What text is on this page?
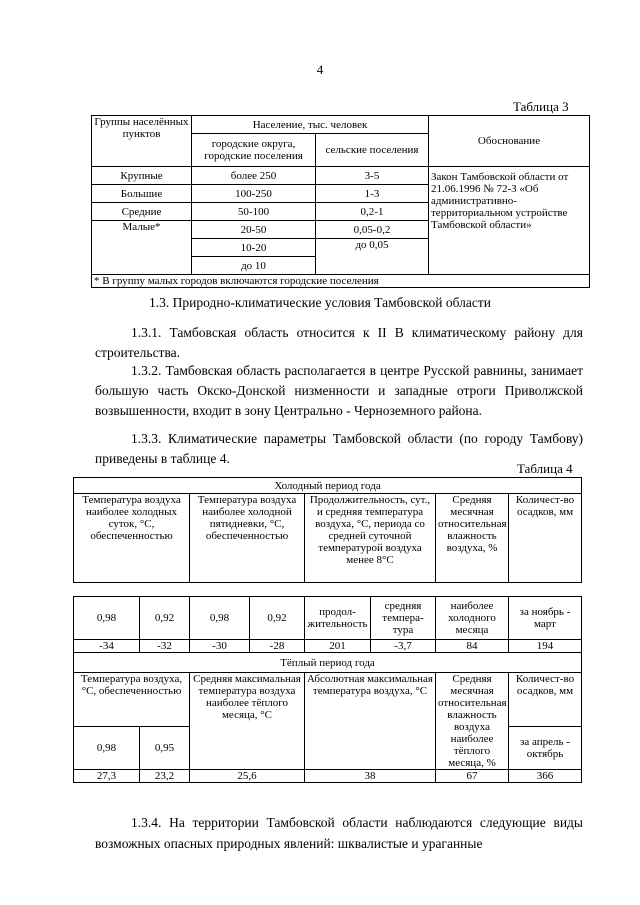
4
Таблица 3
Группы населённых пунктов	Население, тыс. человек		Обоснование
	городские округа, городские поселения	сельские поселения	
Крупные	более 250	3-5	Закон Тамбовской области от 21.06.1996 № 72-З «Об административно-территориальном устройстве Тамбовской области»
Большие	100-250	1-3	
Средние	50-100	0,2-1	
Малые*	20-50	0,05-0,2	
	10-20	до 0,05	
	до 10		
* В группу малых городов включаются городские поселения			
1.3. Природно-климатические условия Тамбовской области
1.3.1. Тамбовская область относится к II В климатическому району для строительства.
1.3.2. Тамбовская область располагается в центре Русской равнины, занимает большую часть Окско-Донской низменности и западные отроги Приволжской возвышенности, входит в зону Центрально - Черноземного района.
1.3.3. Климатические параметры Тамбовской области (по городу Тамбову) приведены в таблице 4.
Таблица 4
Холодный период года
Температура воздуха наиболее холодных суток, °С, обеспеченностью	Температура воздуха наиболее холодной пятидневки, °С, обеспеченностью	Продолжительность, сут., и средняя температура воздуха, °С, периода со средней суточной температурой воздуха менее 8°С	Средняя месячная относительная влажность воздуха, %	Количест-во осадков, мм
0,98	0,92	0,98	0,92	продол-жительность	средняя темпера-тура	наиболее холодного месяца	за ноябрь - март
-34	-32	-30	-28	201	-3,7	84	194
Тёплый период года							
Температура воздуха, °С, обеспеченностью		Средняя максимальная температура воздуха наиболее тёплого месяца, °С		Абсолютная максимальная температура воздуха, °С		Средняя месячная относительная влажность воздуха наиболее тёплого месяца, %	Количест-во осадков, мм
0,98	0,95						за апрель - октябрь
27,3	23,2	25,6		38		67	366
1.3.4. На территории Тамбовской области наблюдаются следующие виды возможных опасных природных явлений: шквалистые и ураганные
